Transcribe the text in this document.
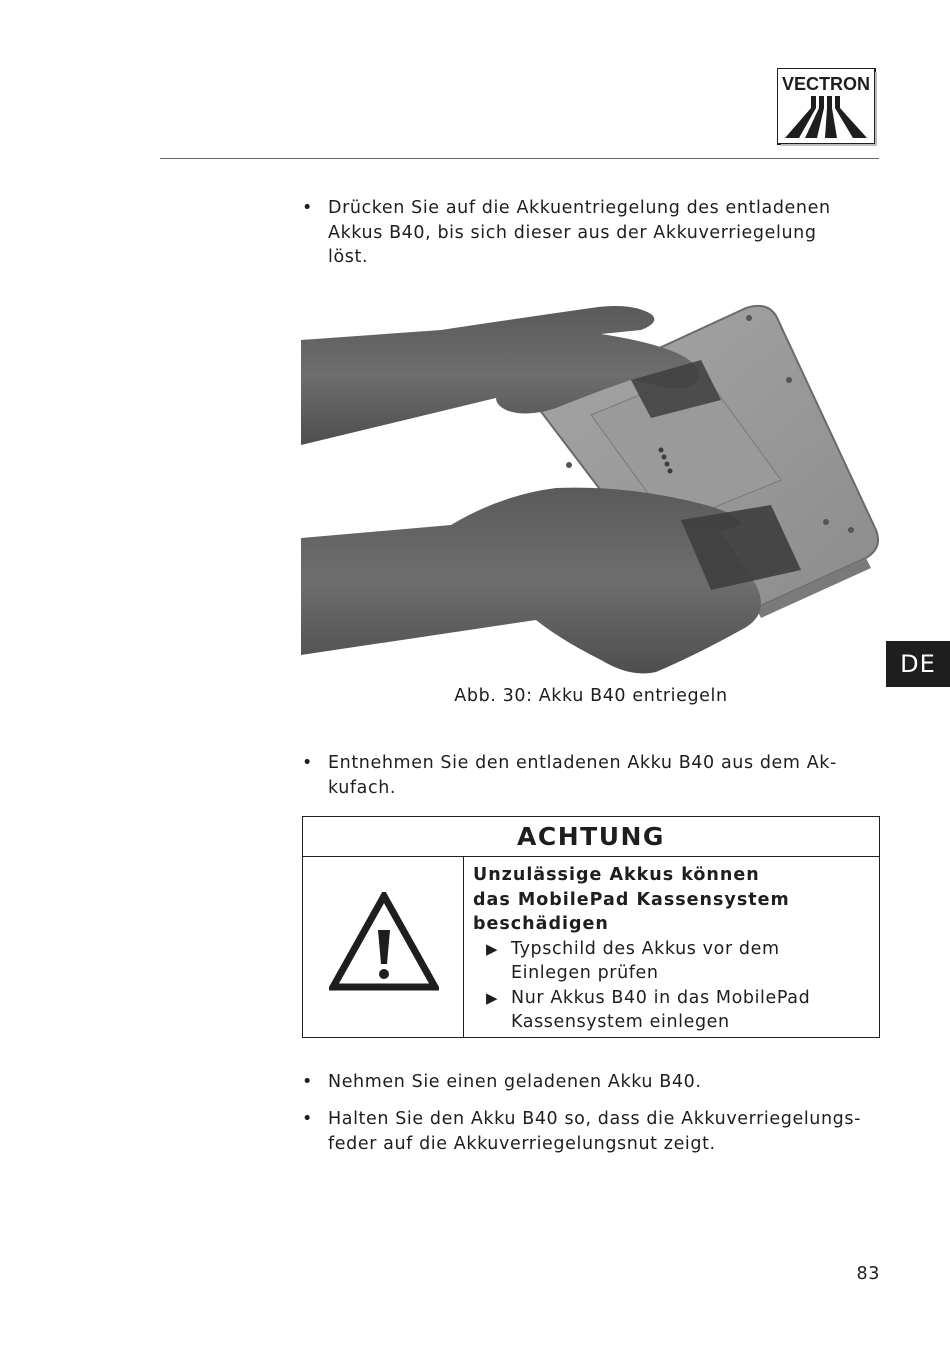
VECTRON
• Drücken Sie auf die Akkuentriegelung des entladenen Akkus B40, bis sich dieser aus der Akkuverriegelung löst.
Abb. 30: Akku B40 entriegeln
DE
• Entnehmen Sie den entladenen Akku B40 aus dem Ak-kufach.
ACHTUNG
Unzulässige Akkus können das MobilePad Kassensystem beschädigen
▶ Typschild des Akkus vor dem Einlegen prüfen
▶ Nur Akkus B40 in das MobilePad Kassensystem einlegen
• Nehmen Sie einen geladenen Akku B40.
• Halten Sie den Akku B40 so, dass die Akkuverriegelungs-feder auf die Akkuverriegelungsnut zeigt.
83
